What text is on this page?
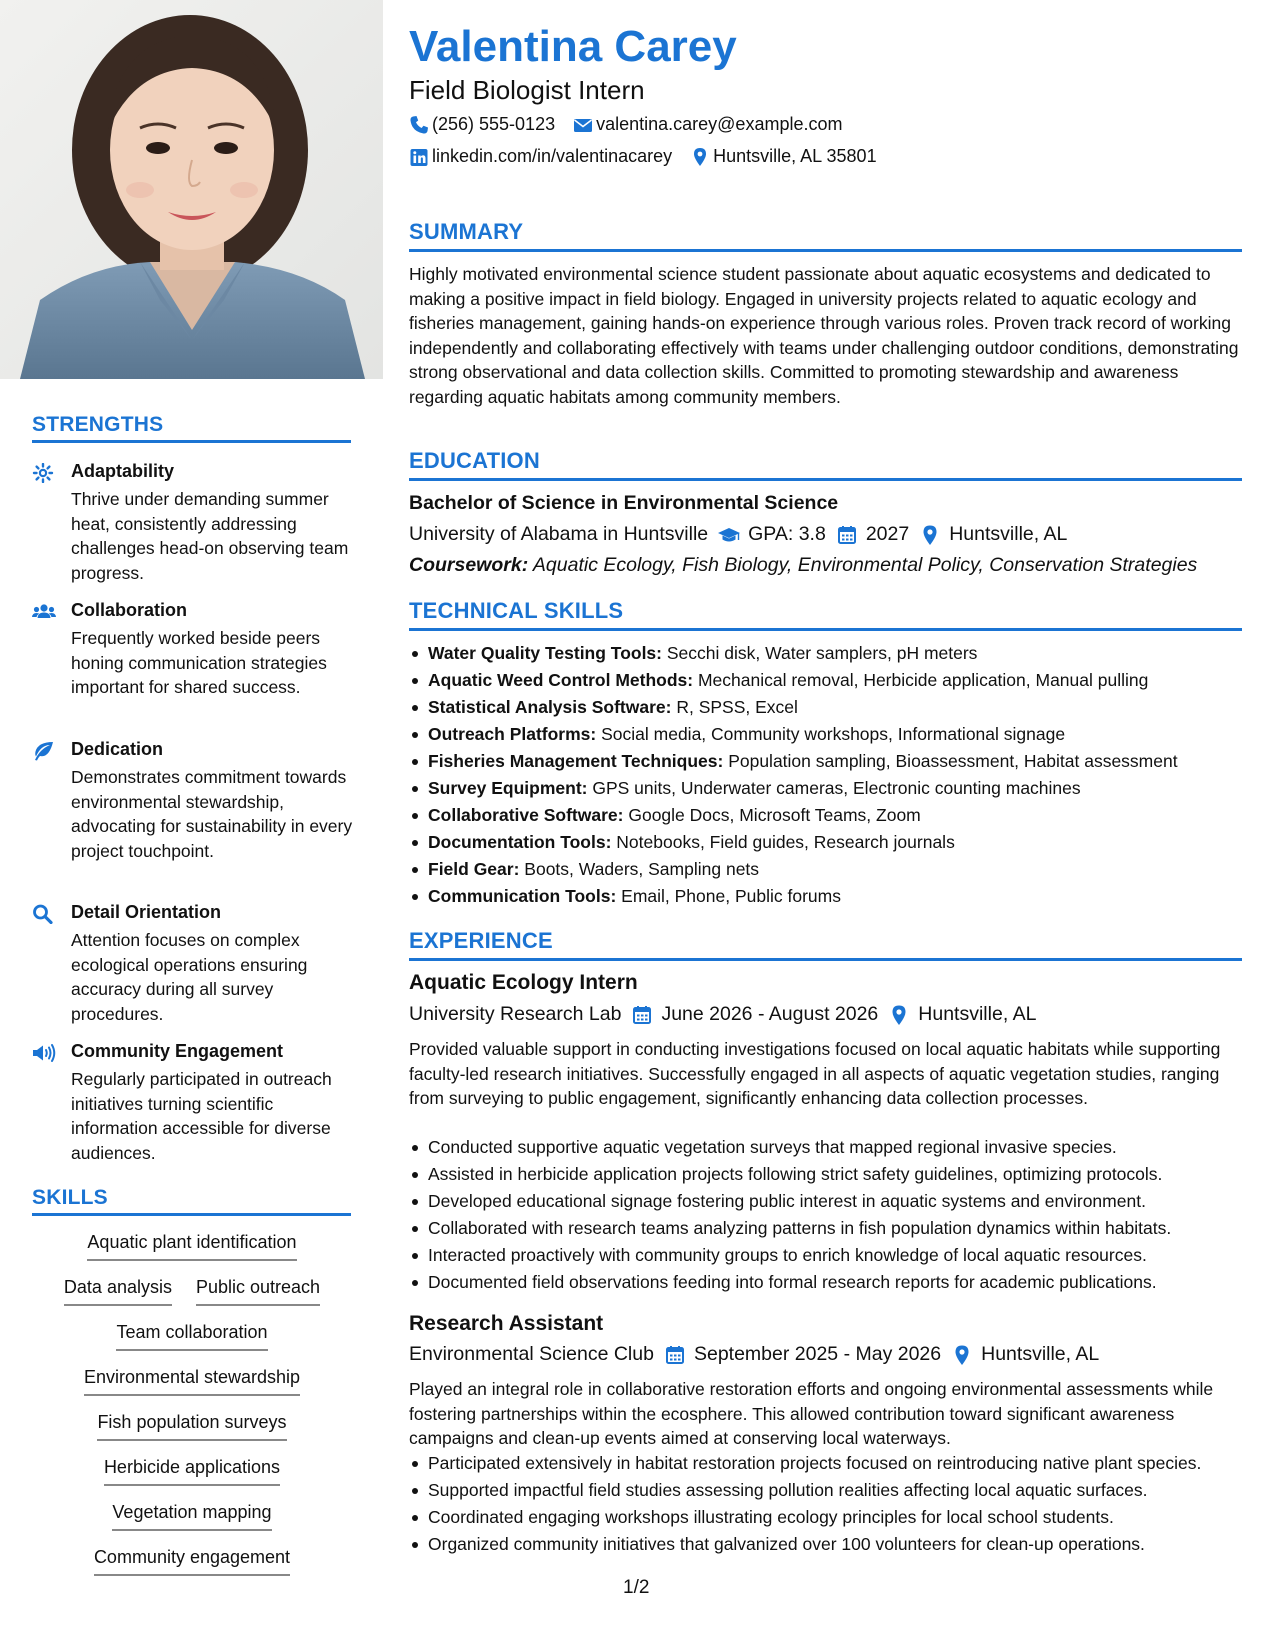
STRENGTHS
Adaptability
Thrive under demanding summer heat, consistently addressing challenges head-on observing team progress.
Collaboration
Frequently worked beside peers honing communication strategies important for shared success.
Dedication
Demonstrates commitment towards environmental stewardship, advocating for sustainability in every project touchpoint.
Detail Orientation
Attention focuses on complex ecological operations ensuring accuracy during all survey procedures.
Community Engagement
Regularly participated in outreach initiatives turning scientific information accessible for diverse audiences.
SKILLS
Aquatic plant identification
Data analysis Public outreach
Team collaboration
Environmental stewardship
Fish population surveys
Herbicide applications
Vegetation mapping
Community engagement
Valentina Carey
Field Biologist Intern
(256) 555-0123 valentina.carey@example.com
linkedin.com/in/valentinacarey Huntsville, AL 35801
SUMMARY
Highly motivated environmental science student passionate about aquatic ecosystems and dedicated to making a positive impact in field biology. Engaged in university projects related to aquatic ecology and fisheries management, gaining hands-on experience through various roles. Proven track record of working independently and collaborating effectively with teams under challenging outdoor conditions, demonstrating strong observational and data collection skills. Committed to promoting stewardship and awareness regarding aquatic habitats among community members.
EDUCATION
Bachelor of Science in Environmental Science
University of Alabama in Huntsville GPA: 3.8 2027 Huntsville, AL
Coursework: Aquatic Ecology, Fish Biology, Environmental Policy, Conservation Strategies
TECHNICAL SKILLS
Water Quality Testing Tools: Secchi disk, Water samplers, pH meters
Aquatic Weed Control Methods: Mechanical removal, Herbicide application, Manual pulling
Statistical Analysis Software: R, SPSS, Excel
Outreach Platforms: Social media, Community workshops, Informational signage
Fisheries Management Techniques: Population sampling, Bioassessment, Habitat assessment
Survey Equipment: GPS units, Underwater cameras, Electronic counting machines
Collaborative Software: Google Docs, Microsoft Teams, Zoom
Documentation Tools: Notebooks, Field guides, Research journals
Field Gear: Boots, Waders, Sampling nets
Communication Tools: Email, Phone, Public forums
EXPERIENCE
Aquatic Ecology Intern
University Research Lab June 2026 - August 2026 Huntsville, AL
Provided valuable support in conducting investigations focused on local aquatic habitats while supporting faculty-led research initiatives. Successfully engaged in all aspects of aquatic vegetation studies, ranging from surveying to public engagement, significantly enhancing data collection processes.
Conducted supportive aquatic vegetation surveys that mapped regional invasive species.
Assisted in herbicide application projects following strict safety guidelines, optimizing protocols.
Developed educational signage fostering public interest in aquatic systems and environment.
Collaborated with research teams analyzing patterns in fish population dynamics within habitats.
Interacted proactively with community groups to enrich knowledge of local aquatic resources.
Documented field observations feeding into formal research reports for academic publications.
Research Assistant
Environmental Science Club September 2025 - May 2026 Huntsville, AL
Played an integral role in collaborative restoration efforts and ongoing environmental assessments while fostering partnerships within the ecosphere. This allowed contribution toward significant awareness campaigns and clean-up events aimed at conserving local waterways.
Participated extensively in habitat restoration projects focused on reintroducing native plant species.
Supported impactful field studies assessing pollution realities affecting local aquatic surfaces.
Coordinated engaging workshops illustrating ecology principles for local school students.
Organized community initiatives that galvanized over 100 volunteers for clean-up operations.
1/2
